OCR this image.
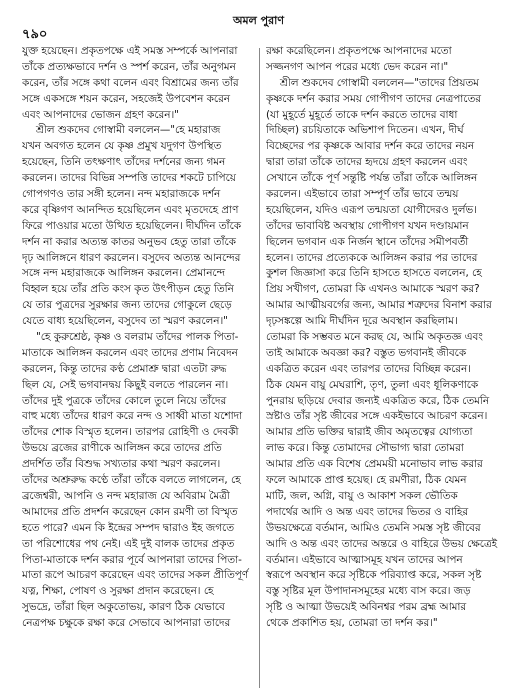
৭৯০
অমল পুরাণ
যুক্ত হয়েছেন। প্রকৃতপক্ষে এই সমস্ত সম্পর্কে আপনারা
তাঁকে প্রত্যক্ষভাবে দর্শন ও স্পর্শ করেন, তাঁর অনুগমন
করেন, তাঁর সঙ্গে কথা বলেন এবং বিশ্রামের জন্য তাঁর
সঙ্গে একসঙ্গে শয়ন করেন, সহজেই উপবেশন করেন
এবং আপনাদের ভোজন গ্রহণ করেন।"
শ্রীল শুকদেব গোস্বামী বললেন—"হে মহারাজ
যখন অবগত হলেন যে কৃষ্ণ প্রমুখ যদুগণ উপস্থিত
হয়েছেন, তিনি তৎক্ষণাৎ তাঁদের দর্শনের জন্য গমন
করলেন। তাদের বিভিন্ন সম্পত্তি তাদের শকটে চাপিয়ে
গোপগণও তার সঙ্গী হলেন। নন্দ মহারাজকে দর্শন
করে বৃষ্ণিগণ আনন্দিত হয়েছিলেন এবং মৃতদেহে প্রাণ
ফিরে পাওয়ার মতো উত্থিত হয়েছিলেন। দীর্ঘদিন তাঁকে
দর্শন না করার অত্যন্ত কাতর অনুভব হেতু তারা তাঁকে
দৃঢ় আলিঙ্গনে ধারণ করলেন। বসুদেব অত্যন্ত আনন্দের
সঙ্গে নন্দ মহারাজকে আলিঙ্গন করলেন। প্রেমানন্দে
বিহ্বল হয়ে তাঁর প্রতি কংস কৃত উৎপীড়ন হেতু তিনি
যে তার পুত্রদের সুরক্ষার জন্য তাদের গোকুলে ছেড়ে
যেতে বাধ্য হয়েছিলেন, বসুদেব তা স্মরণ করলেন।"
"হে কুরুশ্রেষ্ঠ, কৃষ্ণ ও বলরাম তাঁদের পালক পিতা-
মাতাকে আলিঙ্গন করলেন এবং তাদের প্রণাম নিবেদন
করলেন, কিন্তু তাদের কণ্ঠ প্রেমাশ্রু দ্বারা এতটা রুদ্ধ
ছিল যে, সেই ভগবানদ্বয় কিছুই বলতে পারলেন না।
তাঁদের দুই পুত্রকে তাঁদের কোলে তুলে নিয়ে তাঁদের
বাহু মধ্যে তাঁদের ধারণ করে নন্দ ও সাধ্বী মাতা যশোদা
তাঁদের শোক বিস্মৃত হলেন। তারপর রোহিণী ও দেবকী
উভয়ে ব্রজের রাণীকে আলিঙ্গন করে তাদের প্রতি
প্রদর্শিত তাঁর বিশুদ্ধ সখ্যতার কথা স্মরণ করলেন।
তাঁদের অশ্রুরুদ্ধ কণ্ঠে তাঁরা তাঁকে বলতে লাগলেন, হে
ব্রজেশ্বরী, আপনি ও নন্দ মহারাজ যে অবিরাম মৈত্রী
আমাদের প্রতি প্রদর্শন করেছেন কোন রমণী তা বিস্মৃত
হতে পারে? এমন কি ইন্দ্রের সম্পদ দ্বারাও ইহ জগতে
তা পরিশোধের পথ নেই। এই দুই বালক তাদের প্রকৃত
পিতা-মাতাকে দর্শন করার পূর্বে আপনারা তাদের পিতা-
মাতা রূপে আচরণ করেছেন এবং তাদের সকল প্রীতিপূর্ণ
যত্ন, শিক্ষা, পোষণ ও সুরক্ষা প্রদান করেছেন। হে
সুভদ্রে, তাঁরা ছিল অকুতোভয়, কারণ ঠিক যেভাবে
নেত্রপক্ষ চক্ষুকে রক্ষা করে সেভাবে আপনারা তাদের
রক্ষা করেছিলেন। প্রকৃতপক্ষে আপনাদের মতো
সজ্জনগণ আপন পরের মধ্যে ভেদ করেন না।"
শ্রীল শুকদেব গোস্বামী বললেন—"তাদের প্রিয়তম
কৃষ্ণকে দর্শন করার সময় গোপীগণ তাদের নেত্রপাতের
(যা মুহূর্তে মুহূর্তে তাকে দর্শন করতে তাদের বাধা
দিচ্ছিল) রচয়িতাকে অভিশাপ দিতেন। এখন, দীর্ঘ
বিচ্ছেদের পর কৃষ্ণকে আবার দর্শন করে তাদের নয়ন
দ্বারা তারা তাঁকে তাদের হৃদয়ে গ্রহণ করলেন এবং
সেখানে তাঁকে পূর্ণ সন্তুষ্টি পর্যন্ত তাঁরা তাঁকে আলিঙ্গন
করলেন। এইভাবে তারা সম্পূর্ণ তাঁর ভাবে তন্ময়
হয়েছিলেন, যদিও এরূপ তন্ময়তা যোগীদেরও দুর্লভ।
তাঁদের ভাবাবিষ্ট অবস্থায় গোপীগণ যখন দণ্ডায়মান
ছিলেন ভগবান এক নির্জন স্থানে তাঁদের সমীপবর্তী
হলেন। তাদের প্রত্যেককে আলিঙ্গন করার পর তাদের
কুশল জিজ্ঞাসা করে তিনি হাসতে হাসতে বললেন, হে
প্রিয় সখীগণ, তোমরা কি এখনও আমাকে স্মরণ কর?
আমার আত্মীয়বর্গের জন্য, আমার শত্রুদের বিনাশ করার
দৃঢ়সঙ্কল্পে আমি দীর্ঘদিন দূরে অবস্থান করছিলাম।
তোমরা কি সম্ভবত মনে করছ যে, আমি অকৃতজ্ঞ এবং
তাই আমাকে অবজ্ঞা কর? বস্তুত ভগবানই জীবকে
একত্রিত করেন এবং তারপর তাদের বিচ্ছিন্ন করেন।
ঠিক যেমন বায়ু মেঘরাশি, তৃণ, তুলা এবং ধূলিকণাকে
পুনরায় ছড়িয়ে দেবার জন্যই একত্রিত করে, ঠিক তেমনি
স্রষ্টাও তাঁর সৃষ্ট জীবের সঙ্গে একইভাবে আচরণ করেন।
আমার প্রতি ভক্তির দ্বারাই জীব অমৃতত্বের যোগ্যতা
লাভ করে। কিন্তু তোমাদের সৌভাগ্য দ্বারা তোমরা
আমার প্রতি এক বিশেষ প্রেমময়ী মনোভাব লাভ করার
ফলে আমাকে প্রাপ্ত হয়েছ। হে রমণীরা, ঠিক যেমন
মাটি, জল, অগ্নি, বায়ু ও আকাশ সকল ভৌতিক
পদার্থের আদি ও অন্ত এবং তাদের ভিতর ও বাহির
উভয়ক্ষেত্রে বর্তমান, আমিও তেমনি সমস্ত সৃষ্ট জীবের
আদি ও অন্ত এবং তাদের অন্তরে ও বাহিরে উভয় ক্ষেত্রেই
বর্তমান। এইভাবে আত্মাসমূহ যখন তাদের আপন
স্বরূপে অবস্থান করে সৃষ্টিকে পরিব্যাপ্ত করে, সকল সৃষ্ট
বস্তু সৃষ্টির মূল উপাদানসমূহের মধ্যে বাস করে। জড়
সৃষ্টি ও আত্মা উভয়েই অবিনশ্বর পরম ব্রহ্ম আমার
থেকে প্রকাশিত হয়, তোমরা তা দর্শন কর।"
